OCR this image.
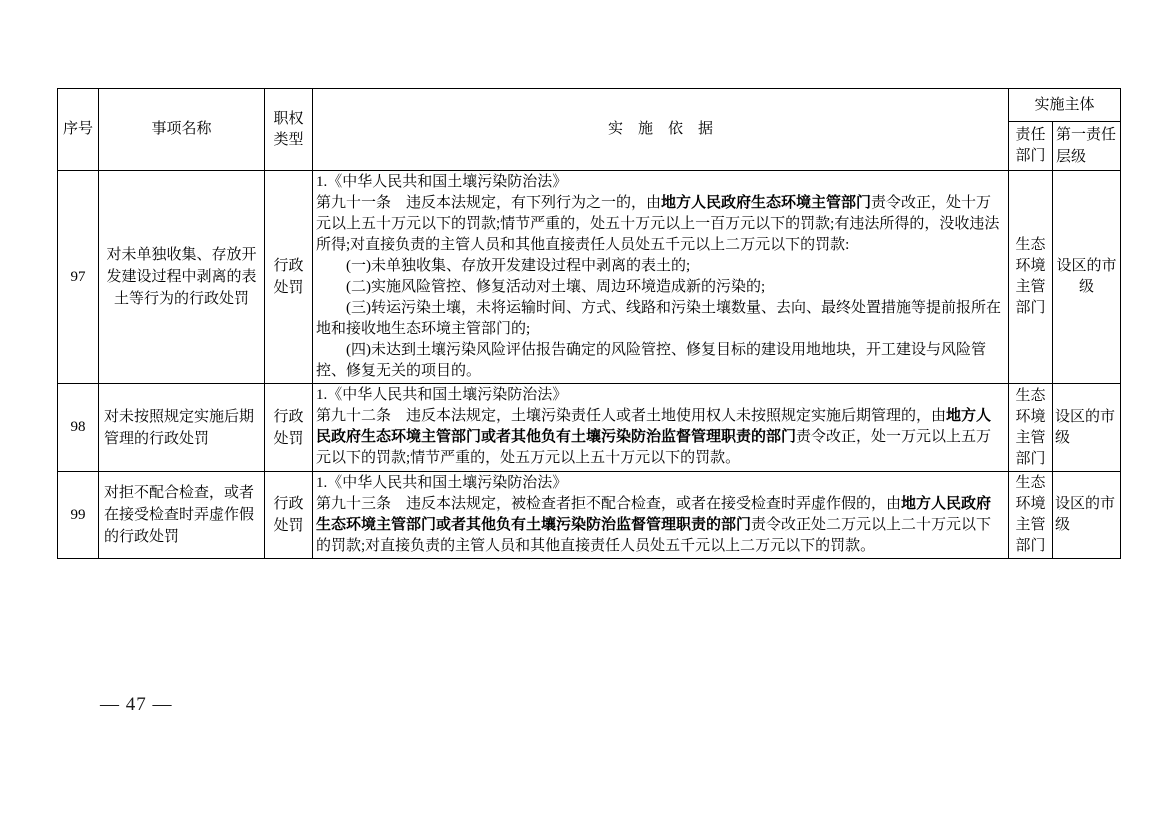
序号	事项名称	职权类型	实　施　依　据	实施主体	
				责任部门	第一责任层级
97	对未单独收集、存放开发建设过程中剥离的表土等行为的行政处罚	行政处罚	
1.《中华人民共和国土壤污染防治法》
第九十一条　违反本法规定，有下列行为之一的，由地方人民政府生态环境主管部门责令改正，处十万元以上五十万元以下的罚款;情节严重的，处五十万元以上一百万元以下的罚款;有违法所得的，没收违法所得;对直接负责的主管人员和其他直接责任人员处五千元以上二万元以下的罚款:
　　(一)未单独收集、存放开发建设过程中剥离的表土的;
　　(二)实施风险管控、修复活动对土壤、周边环境造成新的污染的;
　　(三)转运污染土壤，未将运输时间、方式、线路和污染土壤数量、去向、最终处置措施等提前报所在地和接收地生态环境主管部门的;
　　(四)未达到土壤污染风险评估报告确定的风险管控、修复目标的建设用地地块，开工建设与风险管控、修复无关的项目的。
	生态环境主管部门	设区的市级
98	对未按照规定实施后期管理的行政处罚	行政处罚	1.《中华人民共和国土壤污染防治法》
第九十二条　违反本法规定，土壤污染责任人或者土地使用权人未按照规定实施后期管理的，由地方人民政府生态环境主管部门或者其他负有土壤污染防治监督管理职责的部门责令改正，处一万元以上五万元以下的罚款;情节严重的，处五万元以上五十万元以下的罚款。	生态环境主管部门	设区的市级
99	对拒不配合检查，或者在接受检查时弄虚作假的行政处罚	行政处罚	1.《中华人民共和国土壤污染防治法》
第九十三条　违反本法规定，被检查者拒不配合检查，或者在接受检查时弄虚作假的，由地方人民政府生态环境主管部门或者其他负有土壤污染防治监督管理职责的部门责令改正处二万元以上二十万元以下的罚款;对直接负责的主管人员和其他直接责任人员处五千元以上二万元以下的罚款。	生态环境主管部门	设区的市级
— 47 —
